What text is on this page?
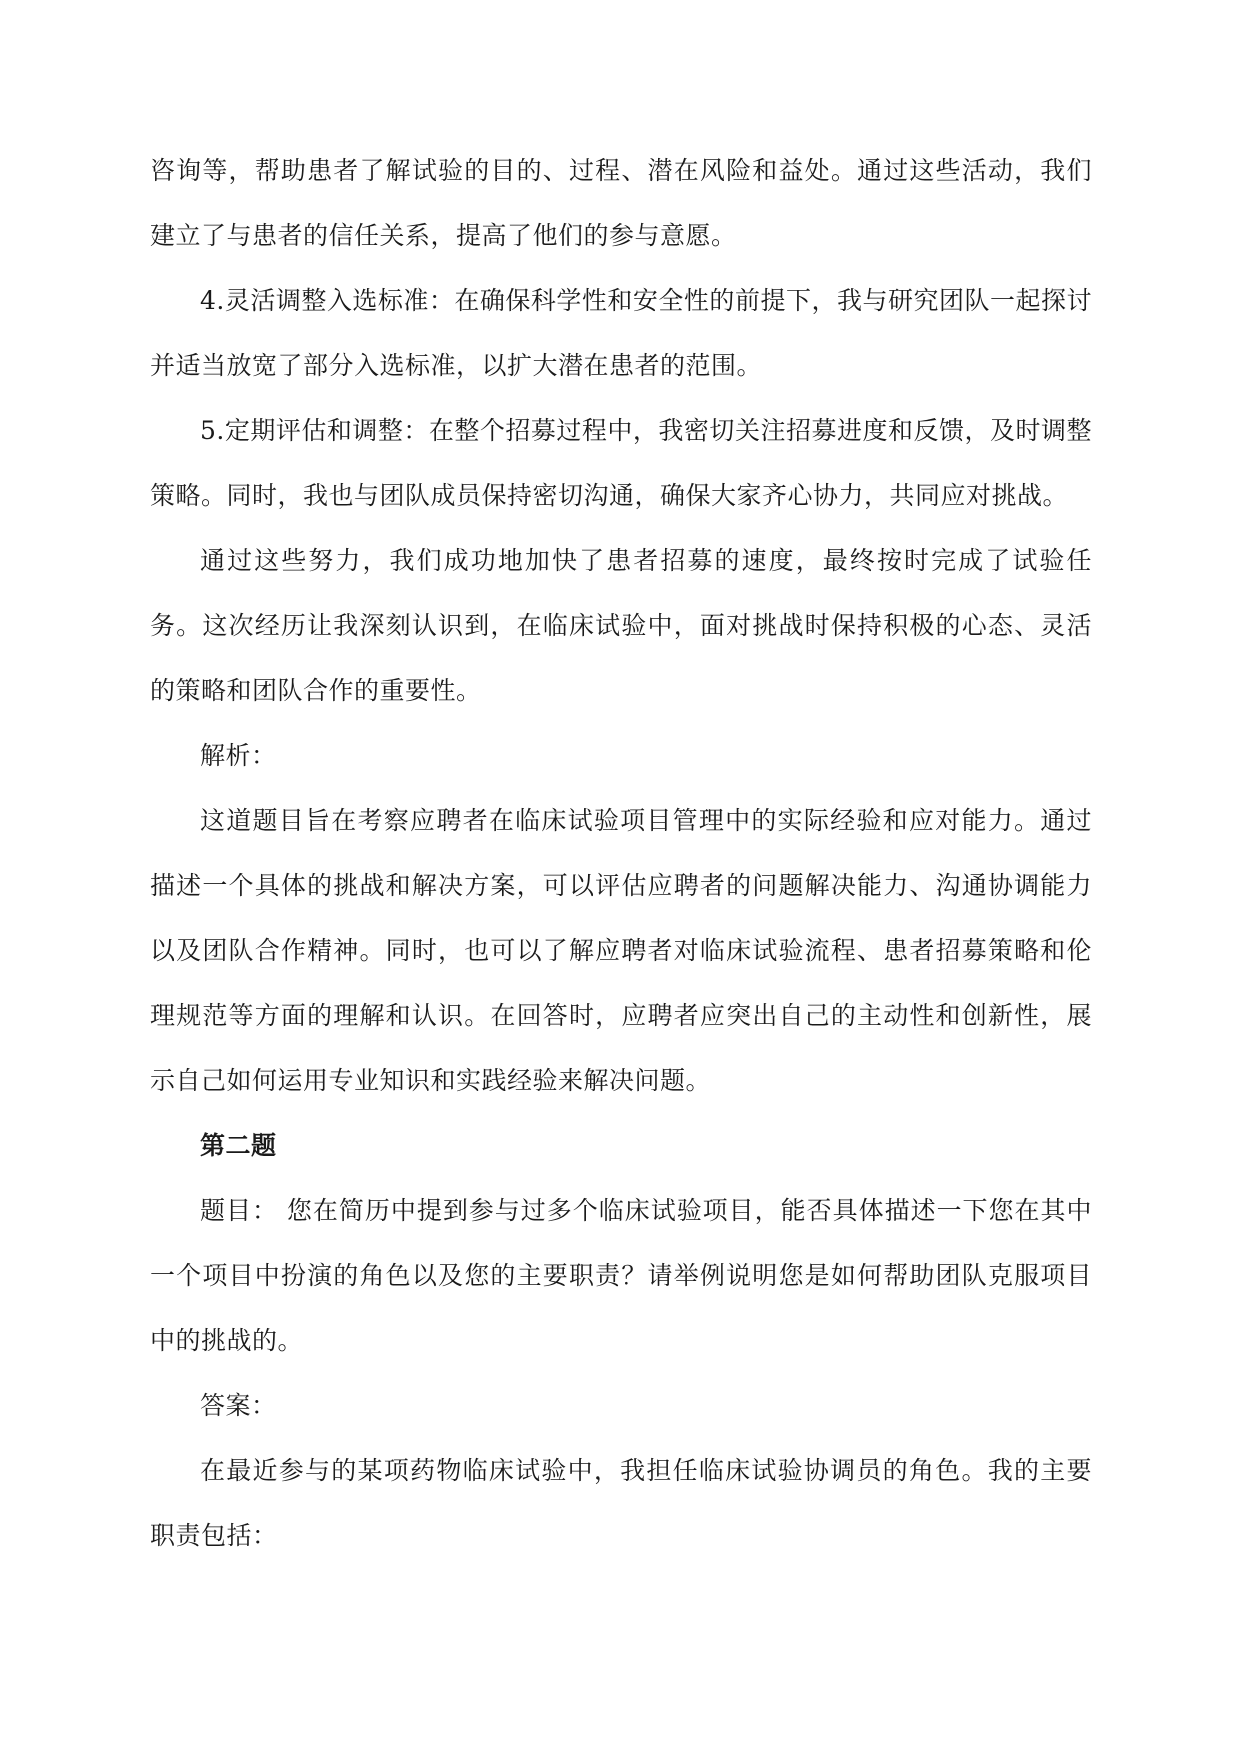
咨询等，帮助患者了解试验的目的、过程、潜在风险和益处。通过这些活动，我们建立了与患者的信任关系，提高了他们的参与意愿。

4.灵活调整入选标准：在确保科学性和安全性的前提下，我与研究团队一起探讨并适当放宽了部分入选标准，以扩大潜在患者的范围。

5.定期评估和调整：在整个招募过程中，我密切关注招募进度和反馈，及时调整策略。同时，我也与团队成员保持密切沟通，确保大家齐心协力，共同应对挑战。

通过这些努力，我们成功地加快了患者招募的速度，最终按时完成了试验任务。这次经历让我深刻认识到，在临床试验中，面对挑战时保持积极的心态、灵活的策略和团队合作的重要性。

解析：

这道题目旨在考察应聘者在临床试验项目管理中的实际经验和应对能力。通过描述一个具体的挑战和解决方案，可以评估应聘者的问题解决能力、沟通协调能力以及团队合作精神。同时，也可以了解应聘者对临床试验流程、患者招募策略和伦理规范等方面的理解和认识。在回答时，应聘者应突出自己的主动性和创新性，展示自己如何运用专业知识和实践经验来解决问题。

第二题

题目： 您在简历中提到参与过多个临床试验项目，能否具体描述一下您在其中一个项目中扮演的角色以及您的主要职责？请举例说明您是如何帮助团队克服项目中的挑战的。

答案：

在最近参与的某项药物临床试验中，我担任临床试验协调员的角色。我的主要职责包括：
